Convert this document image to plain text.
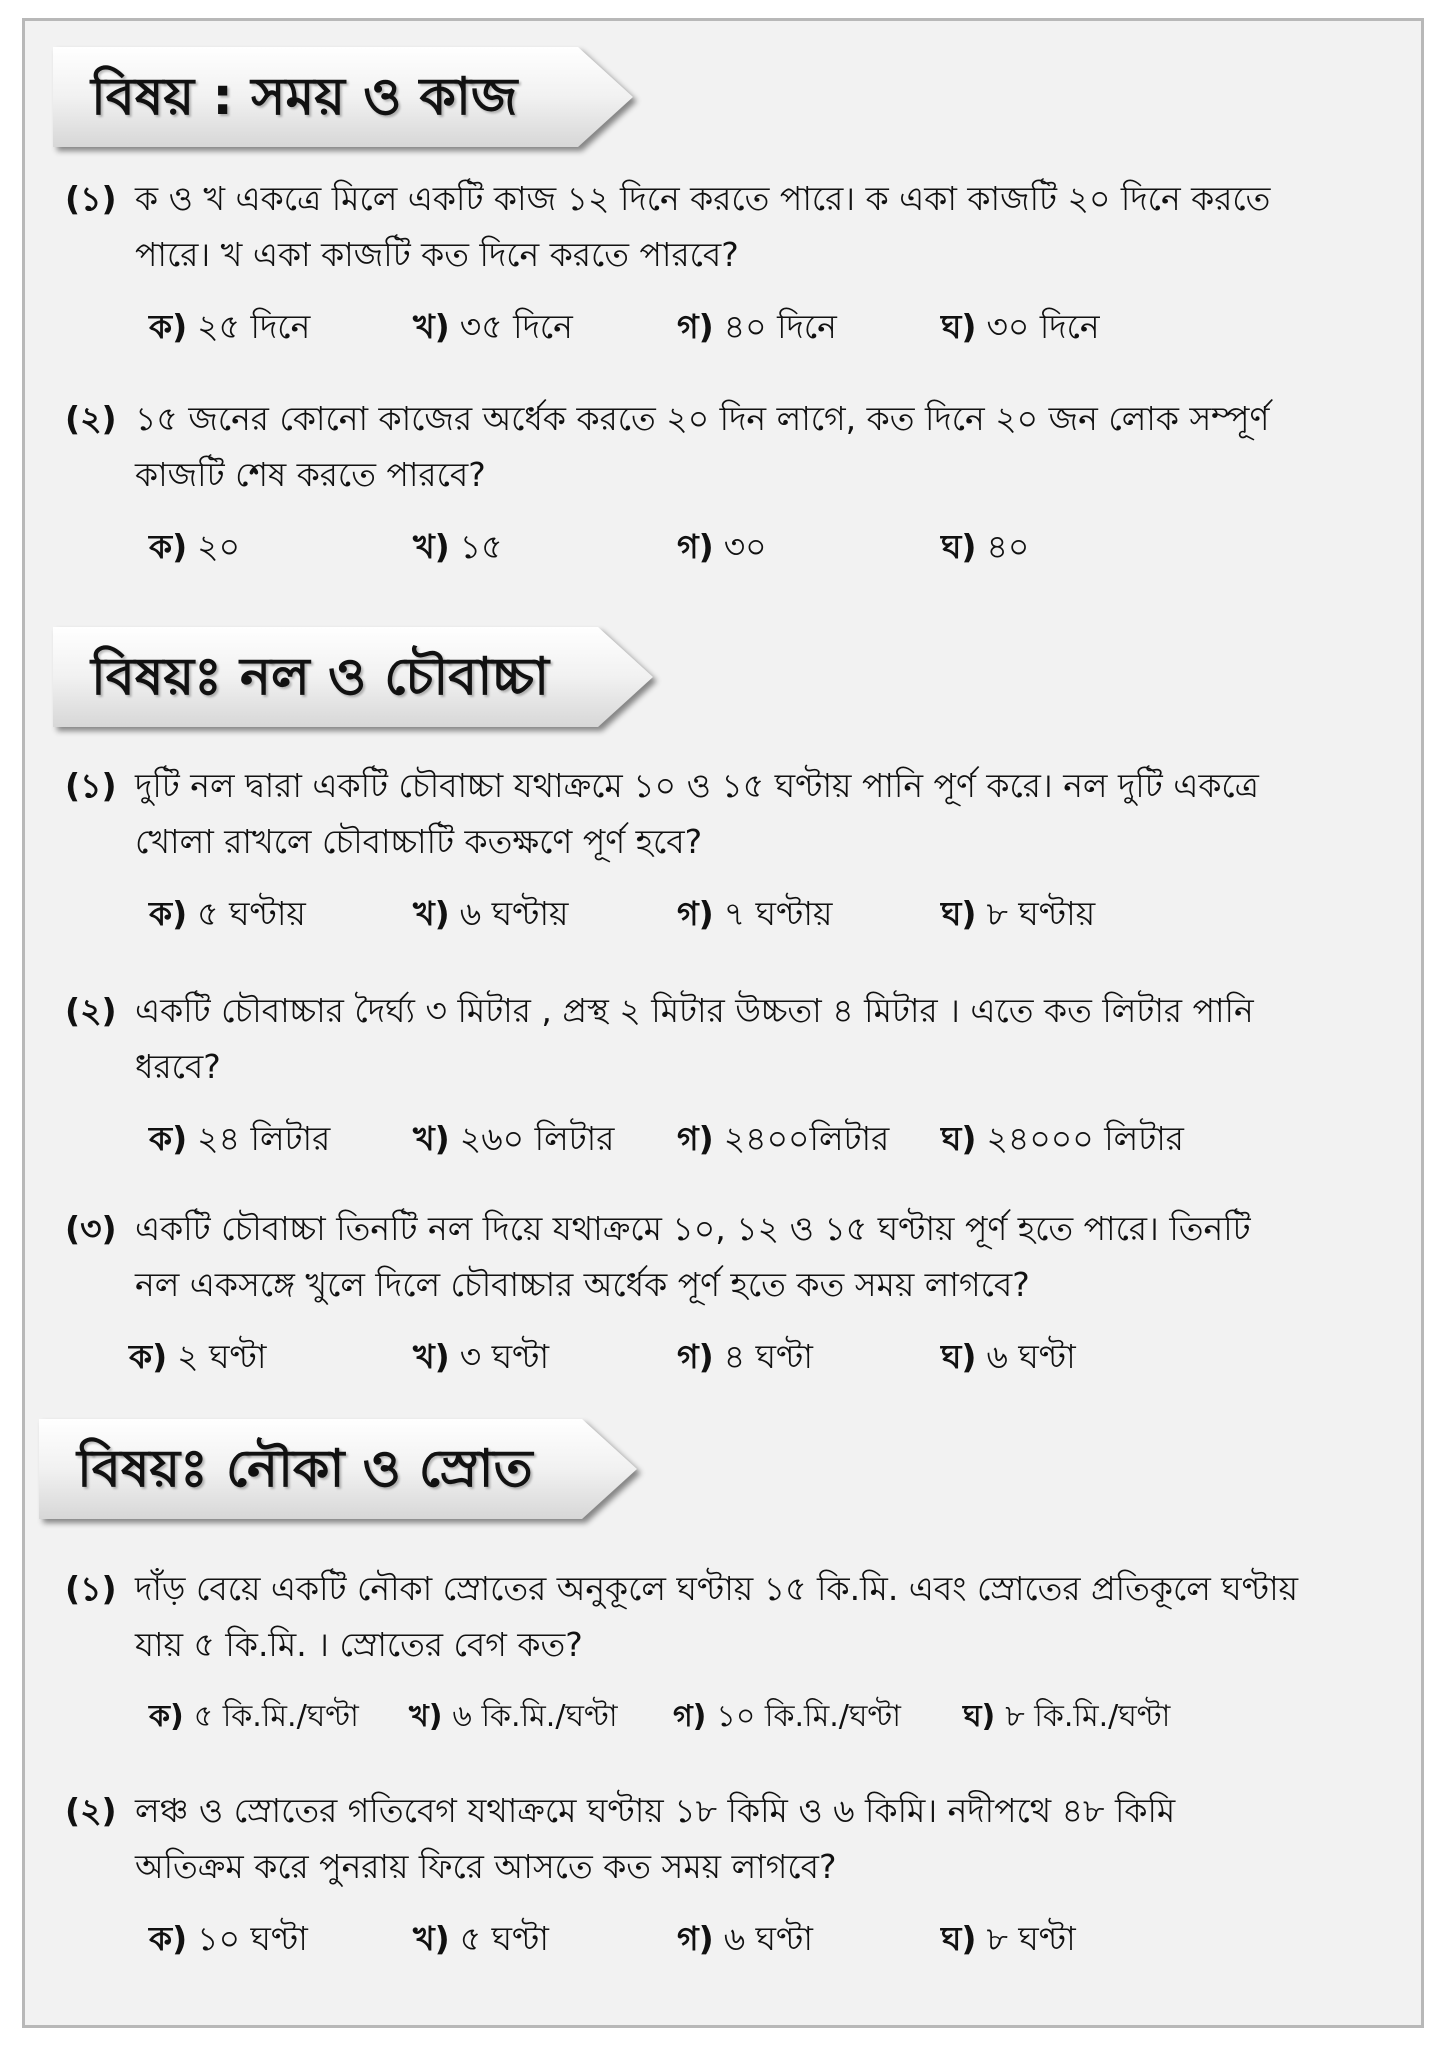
বিষয় : সময় ও কাজ
(১) ক ও খ একত্রে মিলে একটি কাজ ১২ দিনে করতে পারে। ক একা কাজটি ২০ দিনে করতে
পারে। খ একা কাজটি কত দিনে করতে পারবে?
ক) ২৫ দিনে	খ) ৩৫ দিনে	গ) ৪০ দিনে	ঘ) ৩০ দিনে
(২) ১৫ জনের কোনো কাজের অর্ধেক করতে ২০ দিন লাগে, কত দিনে ২০ জন লোক সম্পূর্ণ
কাজটি শেষ করতে পারবে?
ক) ২০	খ) ১৫	গ) ৩০	ঘ) ৪০
বিষয়ঃ নল ও চৌবাচ্চা
(১) দুটি নল দ্বারা একটি চৌবাচ্চা যথাক্রমে ১০ ও ১৫ ঘণ্টায় পানি পূর্ণ করে। নল দুটি একত্রে
খোলা রাখলে চৌবাচ্চাটি কতক্ষণে পূর্ণ হবে?
ক) ৫ ঘণ্টায়	খ) ৬ ঘণ্টায়	গ) ৭ ঘণ্টায়	ঘ) ৮ ঘণ্টায়
(২) একটি চৌবাচ্চার দৈর্ঘ্য ৩ মিটার , প্রস্থ ২ মিটার উচ্চতা ৪ মিটার । এতে কত লিটার পানি
ধরবে?
ক) ২৪ লিটার	খ) ২৬০ লিটার গ) ২৪০০লিটার ঘ) ২৪০০০ লিটার
(৩) একটি চৌবাচ্চা তিনটি নল দিয়ে যথাক্রমে ১০, ১২ ও ১৫ ঘণ্টায় পূর্ণ হতে পারে। তিনটি
নল একসঙ্গে খুলে দিলে চৌবাচ্চার অর্ধেক পূর্ণ হতে কত সময় লাগবে?
ক) ২ ঘণ্টা	খ) ৩ ঘণ্টা	গ) ৪ ঘণ্টা	ঘ) ৬ ঘণ্টা
বিষয়ঃ নৌকা ও স্রোত
(১) দাঁড় বেয়ে একটি নৌকা স্রোতের অনুকূলে ঘণ্টায় ১৫ কি.মি. এবং স্রোতের প্রতিকূলে ঘণ্টায়
যায় ৫ কি.মি. । স্রোতের বেগ কত?
ক) ৫ কি.মি./ঘণ্টা খ) ৬ কি.মি./ঘণ্টা গ) ১০ কি.মি./ঘণ্টা ঘ) ৮ কি.মি./ঘণ্টা
(২) লঞ্চ ও স্রোতের গতিবেগ যথাক্রমে ঘণ্টায় ১৮ কিমি ও ৬ কিমি। নদীপথে ৪৮ কিমি
অতিক্রম করে পুনরায় ফিরে আসতে কত সময় লাগবে?
ক) ১০ ঘণ্টা	খ) ৫ ঘণ্টা	গ) ৬ ঘণ্টা	ঘ) ৮ ঘণ্টা
